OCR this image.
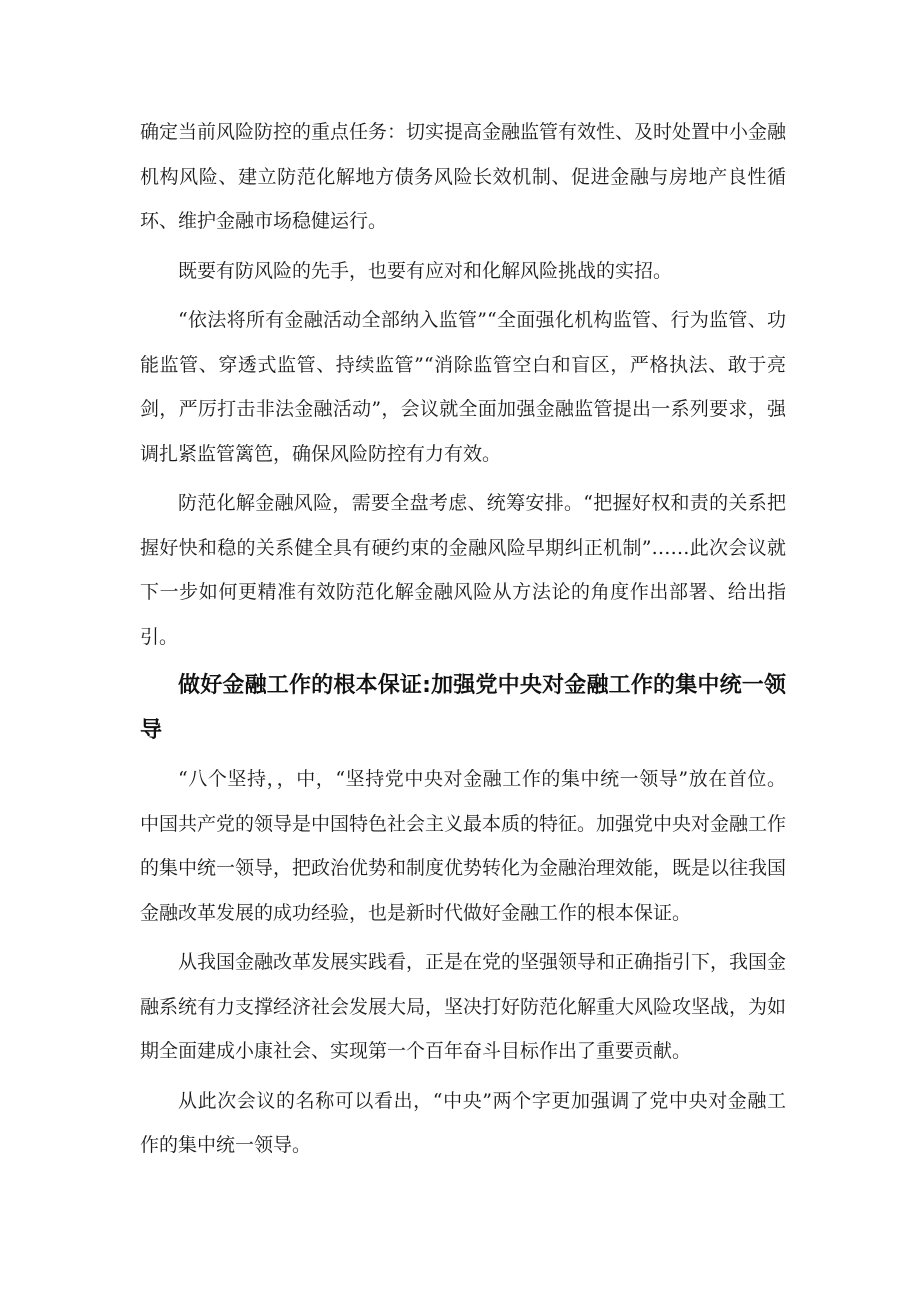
确定当前风险防控的重点任务：切实提高金融监管有效性、及时处置中小金融机构风险、建立防范化解地方债务风险长效机制、促进金融与房地产良性循环、维护金融市场稳健运行。

既要有防风险的先手，也要有应对和化解风险挑战的实招。

“依法将所有金融活动全部纳入监管”“全面强化机构监管、行为监管、功能监管、穿透式监管、持续监管”“消除监管空白和盲区，严格执法、敢于亮剑，严厉打击非法金融活动”，会议就全面加强金融监管提出一系列要求，强调扎紧监管篱笆，确保风险防控有力有效。

防范化解金融风险，需要全盘考虑、统筹安排。“把握好权和责的关系把握好快和稳的关系健全具有硬约束的金融风险早期纠正机制”……此次会议就下一步如何更精准有效防范化解金融风险从方法论的角度作出部署、给出指引。

做好金融工作的根本保证:加强党中央对金融工作的集中统一领导

“八个坚持，，中，“坚持党中央对金融工作的集中统一领导”放在首位。中国共产党的领导是中国特色社会主义最本质的特征。加强党中央对金融工作的集中统一领导，把政治优势和制度优势转化为金融治理效能，既是以往我国金融改革发展的成功经验，也是新时代做好金融工作的根本保证。

从我国金融改革发展实践看，正是在党的坚强领导和正确指引下，我国金融系统有力支撑经济社会发展大局，坚决打好防范化解重大风险攻坚战，为如期全面建成小康社会、实现第一个百年奋斗目标作出了重要贡献。

从此次会议的名称可以看出，“中央”两个字更加强调了党中央对金融工作的集中统一领导。
